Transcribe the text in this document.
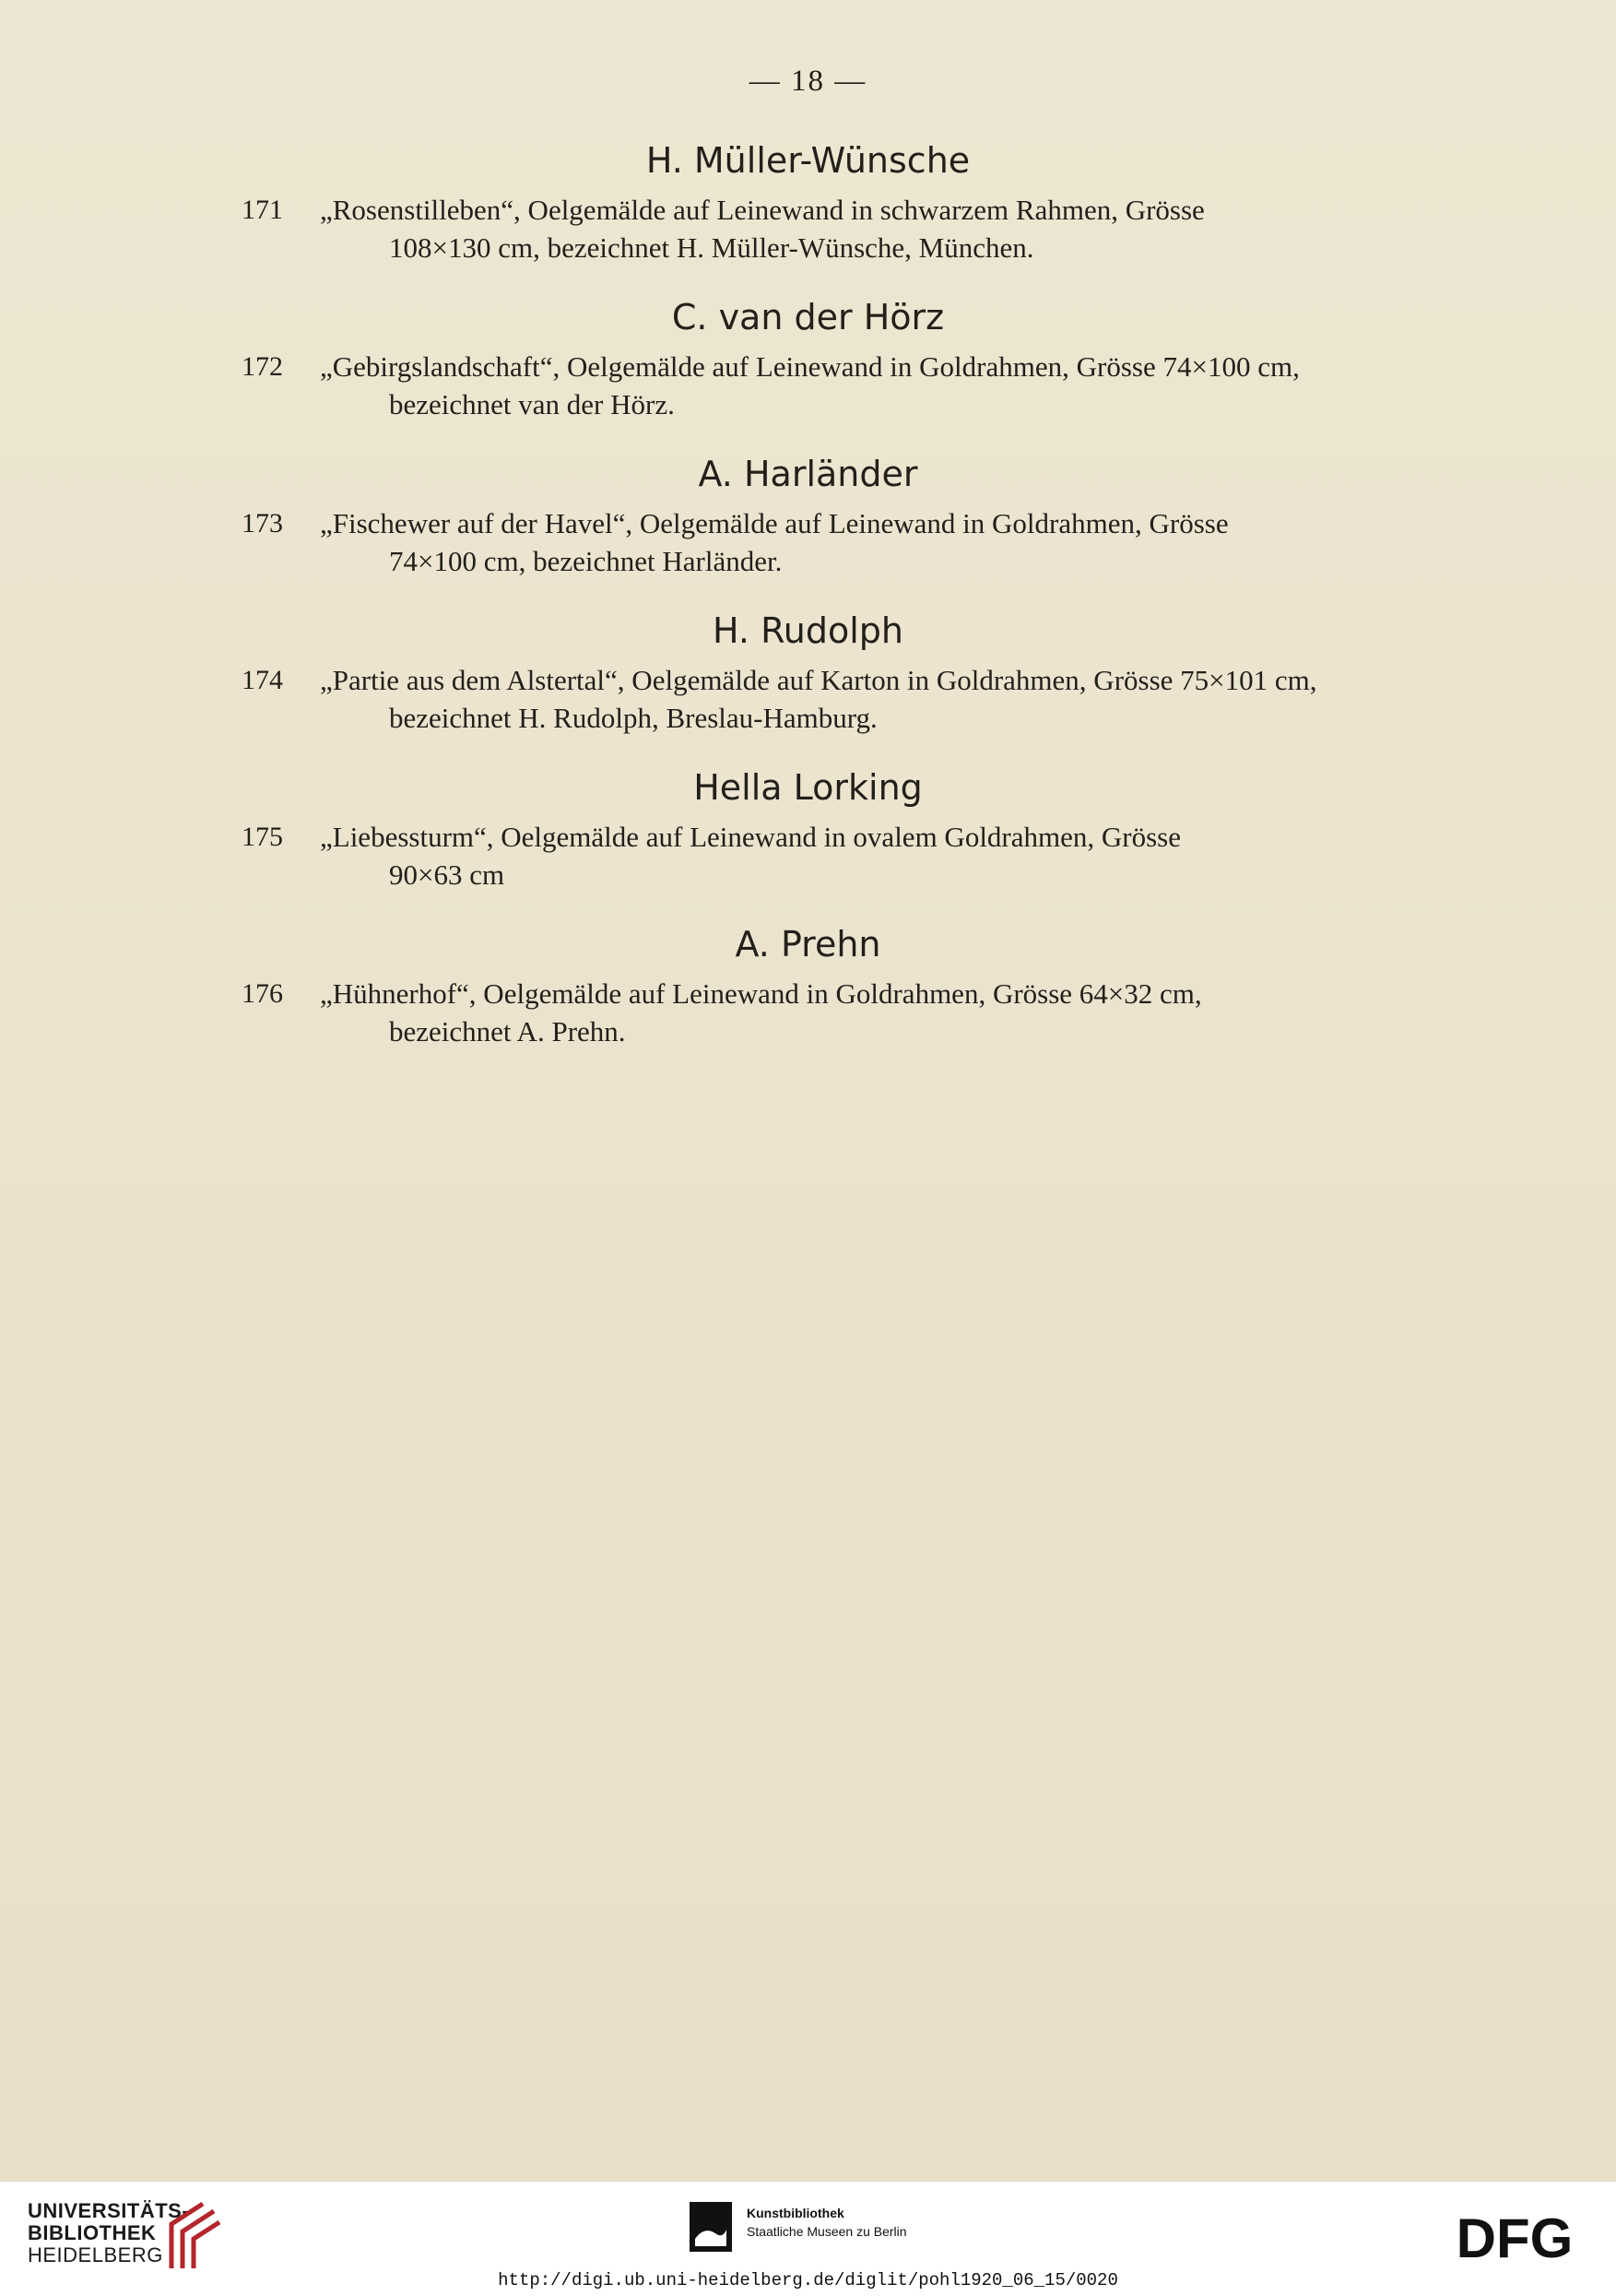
— 18 —
H. Müller-Wünsche
171 „Rosenstilleben“, Oelgemälde auf Leinewand in schwarzem Rahmen, Grösse
108×130 cm, bezeichnet H. Müller-Wünsche, München.
C. van der Hörz
172 „Gebirgslandschaft“, Oelgemälde auf Leinewand in Goldrahmen, Grösse 74×100 cm,
bezeichnet van der Hörz.
A. Harländer
173 „Fischewer auf der Havel“, Oelgemälde auf Leinewand in Goldrahmen, Grösse
74×100 cm, bezeichnet Harländer.
H. Rudolph
174 „Partie aus dem Alstertal“, Oelgemälde auf Karton in Goldrahmen, Grösse 75×101 cm,
bezeichnet H. Rudolph, Breslau-Hamburg.
Hella Lorking
175 „Liebessturm“, Oelgemälde auf Leinewand in ovalem Goldrahmen, Grösse
90×63 cm
A. Prehn
176 „Hühnerhof“, Oelgemälde auf Leinewand in Goldrahmen, Grösse 64×32 cm,
bezeichnet A. Prehn.
UNIVERSITÄTS-
BIBLIOTHEK
HEIDELBERG
Kunstbibliothek
Staatliche Museen zu Berlin	DFG
http://digi.ub.uni-heidelberg.de/diglit/pohl1920_06_15/0020
